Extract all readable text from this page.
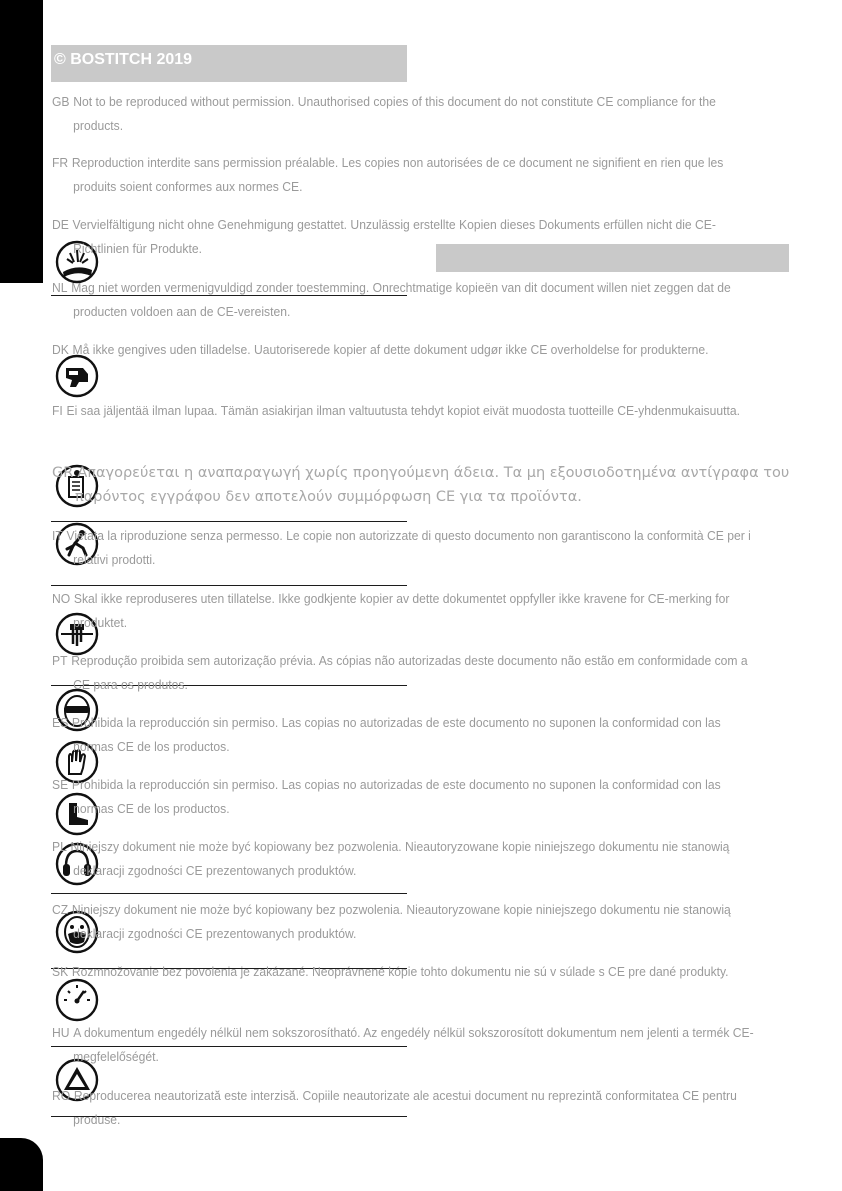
© BOSTITCH 2019
GB Not to be reproduced without permission. Unauthorised copies of this document do not constitute CE compliance for the products.
FR Reproduction interdite sans permission préalable. Les copies non autorisées de ce document ne signifient en rien que les produits soient conformes aux normes CE.
DE Vervielfältigung nicht ohne Genehmigung gestattet. Unzulässig erstellte Kopien dieses Dokuments erfüllen nicht die CE-Richtlinien für Produkte.
NL Mag niet worden vermenigvuldigd zonder toestemming. Onrechtmatige kopieën van dit document willen niet zeggen dat de producten voldoen aan de CE-vereisten.
DK Må ikke gengives uden tilladelse. Uautoriserede kopier af dette dokument udgør ikke CE overholdelse for produkterne.
FI Ei saa jäljentää ilman lupaa. Tämän asiakirjan ilman valtuutusta tehdyt kopiot eivät muodosta tuotteille CE-yhdenmukaisuutta.
GR Απαγορεύεται η αναπαραγωγή χωρίς προηγούμενη άδεια. Τα μη εξουσιοδοτημένα αντίγραφα του παρόντος εγγράφου δεν αποτελούν συμμόρφωση CE για τα προϊόντα.
IT Vietata la riproduzione senza permesso. Le copie non autorizzate di questo documento non garantiscono la conformità CE per i relativi prodotti.
NO Skal ikke reproduseres uten tillatelse. Ikke godkjente kopier av dette dokumentet oppfyller ikke kravene for CE-merking for produktet.
PT Reprodução proibida sem autorização prévia. As cópias não autorizadas deste documento não estão em conformidade com a CE para os produtos.
ES Prohibida la reproducción sin permiso. Las copias no autorizadas de este documento no suponen la conformidad con las normas CE de los productos.
SE Prohibida la reproducción sin permiso. Las copias no autorizadas de este documento no suponen la conformidad con las normas CE de los productos.
PL Niniejszy dokument nie może być kopiowany bez pozwolenia. Nieautoryzowane kopie niniejszego dokumentu nie stanowią deklaracji zgodności CE prezentowanych produktów.
CZ Niniejszy dokument nie może być kopiowany bez pozwolenia. Nieautoryzowane kopie niniejszego dokumentu nie stanowią deklaracji zgodności CE prezentowanych produktów.
SK Rozmnožovanie bez povolenia je zakázané. Neoprávnené kópie tohto dokumentu nie sú v súlade s CE pre dané produkty.
HU A dokumentum engedély nélkül nem sokszorosítható. Az engedély nélkül sokszorosított dokumentum nem jelenti a termék CE-megfelelőségét.
RO Reproducerea neautorizată este interzisă. Copiile neautorizate ale acestui document nu reprezintă conformitatea CE pentru produse.
